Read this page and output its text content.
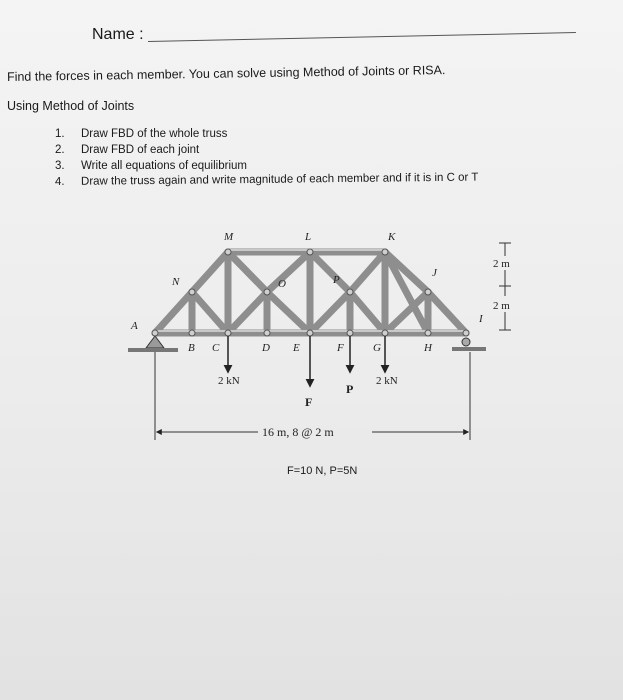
Name :
Find the forces in each member. You can solve using Method of Joints or RISA.
Using Method of Joints
1. Draw FBD of the whole truss
2. Draw FBD of each joint
3. Write all equations of equilibrium
4. Draw the truss again and write magnitude of each member and if it is in C or T
A
B C	D E	F	G	H
I
J
K
L
M
N	O	P
2 kN	2 kN
F
P
16 m, 8 @ 2 m
2 m
2 m
F=10 N, P=5N
